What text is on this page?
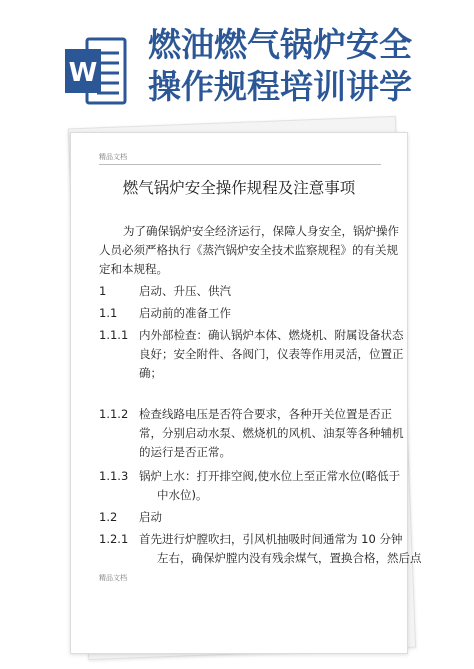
W
燃油燃气锅炉安全
操作规程培训讲学
精品文档
燃气锅炉安全操作规程及注意事项
为了确保锅炉安全经济运行，保障人身安全，锅炉操作
人员必须严格执行《蒸汽锅炉安全技术监察规程》的有关规
定和本规程。
1	启动、升压、供汽
1.1 启动前的准备工作
1.1.1 内外部检查：确认锅炉本体、燃烧机、附属设备状态
良好；安全附件、各阀门，仪表等作用灵活，位置正
确；
1.1.2 检查线路电压是否符合要求，各种开关位置是否正
常，分别启动水泵、燃烧机的风机、油泵等各种辅机
的运行是否正常。
1.1.3 锅炉上水：打开排空阀,使水位上至正常水位(略低于
中水位)。
1.2 启动
1.2.1 首先进行炉膛吹扫，引风机抽吸时间通常为 10 分钟
左右，确保炉膛内没有残余煤气，置换合格，然后点
精品文档
